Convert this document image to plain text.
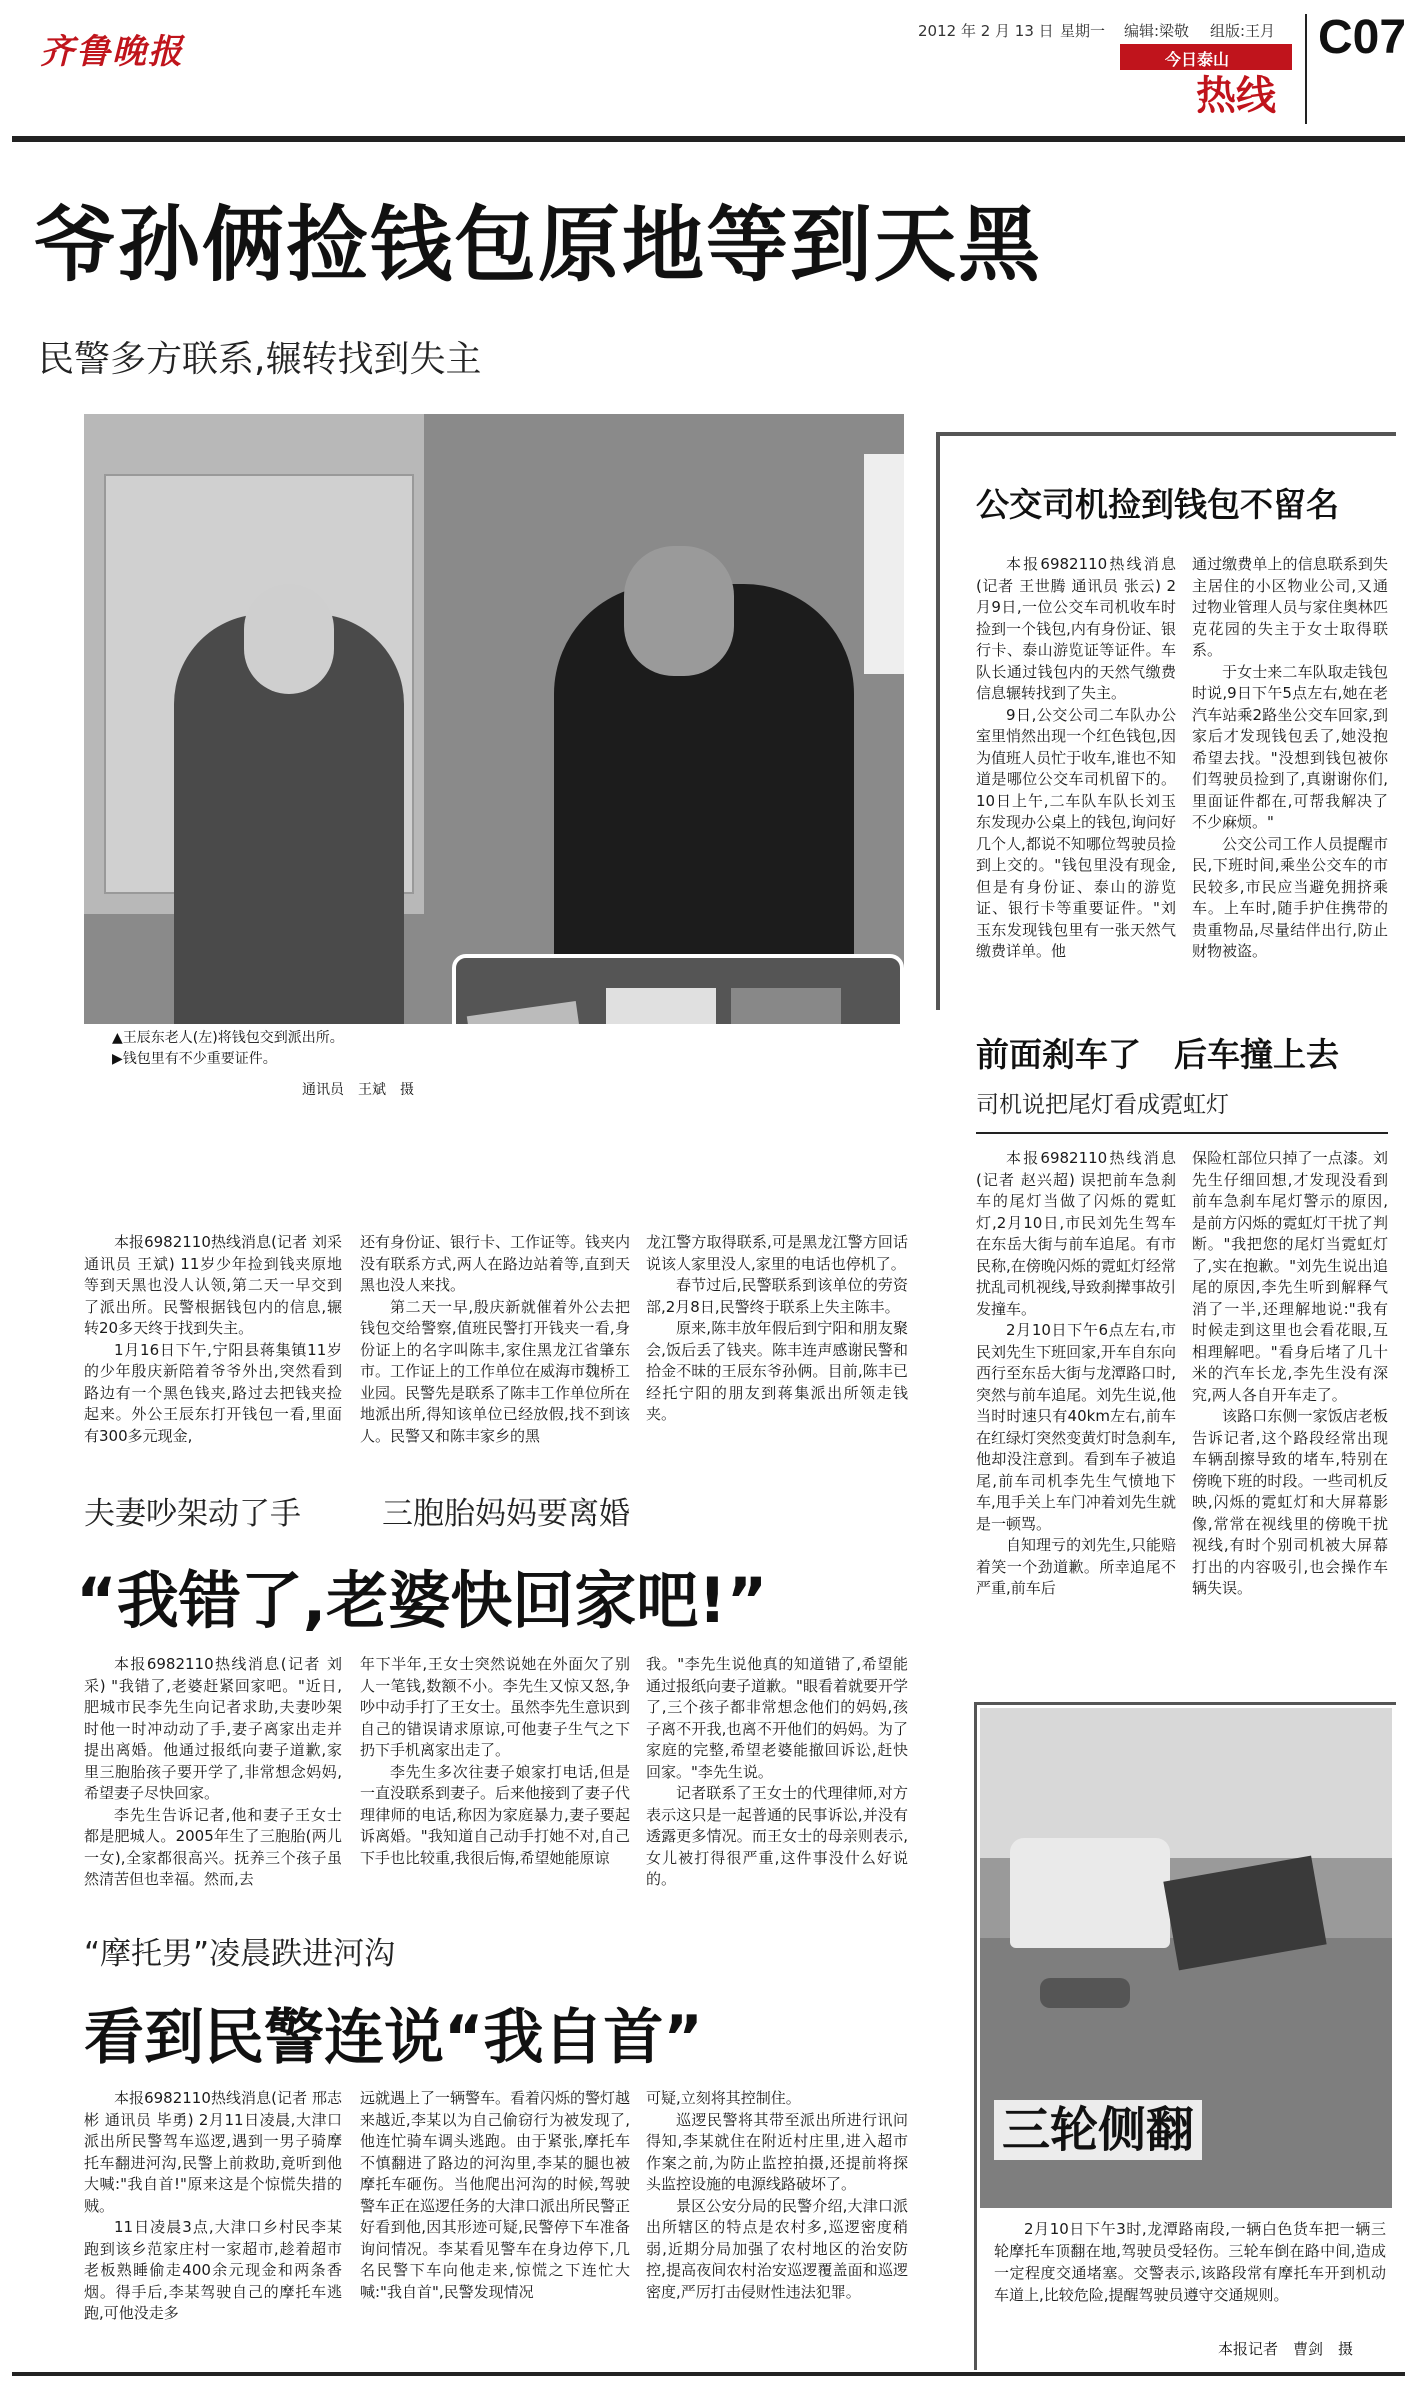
齐鲁晚报
2012 年 2 月 13 日 星期一 编辑:梁敬 组版:王月
今日泰山
热线
C07
爷孙俩捡钱包原地等到天黑
民警多方联系,辗转找到失主
▲王辰东老人(左)将钱包交到派出所。
▶钱包里有不少重要证件。
通讯员　王斌　摄

本报6982110热线消息(记者 刘采 通讯员 王斌) 11岁少年捡到钱夹原地等到天黑也没人认领,第二天一早交到了派出所。民警根据钱包内的信息,辗转20多天终于找到失主。

1月16日下午,宁阳县蒋集镇11岁的少年殷庆新陪着爷爷外出,突然看到路边有一个黑色钱夹,路过去把钱夹捡起来。外公王辰东打开钱包一看,里面有300多元现金,

还有身份证、银行卡、工作证等。钱夹内没有联系方式,两人在路边站着等,直到天黑也没人来找。

第二天一早,殷庆新就催着外公去把钱包交给警察,值班民警打开钱夹一看,身份证上的名字叫陈丰,家住黑龙江省肇东市。工作证上的工作单位在威海市魏桥工业园。民警先是联系了陈丰工作单位所在地派出所,得知该单位已经放假,找不到该人。民警又和陈丰家乡的黑

龙江警方取得联系,可是黑龙江警方回话说该人家里没人,家里的电话也停机了。

春节过后,民警联系到该单位的劳资部,2月8日,民警终于联系上失主陈丰。

原来,陈丰放年假后到宁阳和朋友聚会,饭后丢了钱夹。陈丰连声感谢民警和拾金不昧的王辰东爷孙俩。目前,陈丰已经托宁阳的朋友到蒋集派出所领走钱夹。

公交司机捡到钱包不留名

本报6982110热线消息(记者 王世腾 通讯员 张云) 2月9日,一位公交车司机收车时捡到一个钱包,内有身份证、银行卡、泰山游览证等证件。车队长通过钱包内的天然气缴费信息辗转找到了失主。

9日,公交公司二车队办公室里悄然出现一个红色钱包,因为值班人员忙于收车,谁也不知道是哪位公交车司机留下的。10日上午,二车队车队长刘玉东发现办公桌上的钱包,询问好几个人,都说不知哪位驾驶员捡到上交的。"钱包里没有现金,但是有身份证、泰山的游览证、银行卡等重要证件。"刘玉东发现钱包里有一张天然气缴费详单。他

通过缴费单上的信息联系到失主居住的小区物业公司,又通过物业管理人员与家住奥林匹克花园的失主于女士取得联系。

于女士来二车队取走钱包时说,9日下午5点左右,她在老汽车站乘2路坐公交车回家,到家后才发现钱包丢了,她没抱希望去找。"没想到钱包被你们驾驶员捡到了,真谢谢你们,里面证件都在,可帮我解决了不少麻烦。"

公交公司工作人员提醒市民,下班时间,乘坐公交车的市民较多,市民应当避免拥挤乘车。上车时,随手护住携带的贵重物品,尽量结伴出行,防止财物被盗。

前面刹车了　后车撞上去
司机说把尾灯看成霓虹灯

本报6982110热线消息(记者 赵兴超) 误把前车急刹车的尾灯当做了闪烁的霓虹灯,2月10日,市民刘先生驾车在东岳大街与前车追尾。有市民称,在傍晚闪烁的霓虹灯经常扰乱司机视线,导致刹撵事故引发撞车。

2月10日下午6点左右,市民刘先生下班回家,开车自东向西行至东岳大街与龙潭路口时,突然与前车追尾。刘先生说,他当时时速只有40km左右,前车在红绿灯突然变黄灯时急刹车,他却没注意到。看到车子被追尾,前车司机李先生气愤地下车,甩手关上车门冲着刘先生就是一顿骂。

自知理亏的刘先生,只能赔着笑一个劲道歉。所幸追尾不严重,前车后

保险杠部位只掉了一点漆。刘先生仔细回想,才发现没看到前车急刹车尾灯警示的原因,是前方闪烁的霓虹灯干扰了判断。"我把您的尾灯当霓虹灯了,实在抱歉。"刘先生说出追尾的原因,李先生听到解释气消了一半,还理解地说:"我有时候走到这里也会看花眼,互相理解吧。"看身后堵了几十米的汽车长龙,李先生没有深究,两人各自开车走了。

该路口东侧一家饭店老板告诉记者,这个路段经常出现车辆刮擦导致的堵车,特别在傍晚下班的时段。一些司机反映,闪烁的霓虹灯和大屏幕影像,常常在视线里的傍晚干扰视线,有时个别司机被大屏幕打出的内容吸引,也会操作车辆失误。

夫妻吵架动了手	三胞胎妈妈要离婚
“我错了,老婆快回家吧!”

本报6982110热线消息(记者 刘采) "我错了,老婆赶紧回家吧。"近日,肥城市民李先生向记者求助,夫妻吵架时他一时冲动动了手,妻子离家出走并提出离婚。他通过报纸向妻子道歉,家里三胞胎孩子要开学了,非常想念妈妈,希望妻子尽快回家。

李先生告诉记者,他和妻子王女士都是肥城人。2005年生了三胞胎(两儿一女),全家都很高兴。抚养三个孩子虽然清苦但也幸福。然而,去

年下半年,王女士突然说她在外面欠了别人一笔钱,数额不小。李先生又惊又怒,争吵中动手打了王女士。虽然李先生意识到自己的错误请求原谅,可他妻子生气之下扔下手机离家出走了。

李先生多次往妻子娘家打电话,但是一直没联系到妻子。后来他接到了妻子代理律师的电话,称因为家庭暴力,妻子要起诉离婚。"我知道自己动手打她不对,自己下手也比较重,我很后悔,希望她能原谅

我。"李先生说他真的知道错了,希望能通过报纸向妻子道歉。"眼看着就要开学了,三个孩子都非常想念他们的妈妈,孩子离不开我,也离不开他们的妈妈。为了家庭的完整,希望老婆能撤回诉讼,赶快回家。"李先生说。

记者联系了王女士的代理律师,对方表示这只是一起普通的民事诉讼,并没有透露更多情况。而王女士的母亲则表示,女儿被打得很严重,这件事没什么好说的。

“摩托男”凌晨跌进河沟
看到民警连说“我自首”

本报6982110热线消息(记者 邢志彬 通讯员 毕勇) 2月11日凌晨,大津口派出所民警驾车巡逻,遇到一男子骑摩托车翻进河沟,民警上前救助,竟听到他大喊:"我自首!"原来这是个惊慌失措的贼。

11日凌晨3点,大津口乡村民李某跑到该乡范家庄村一家超市,趁着超市老板熟睡偷走400余元现金和两条香烟。得手后,李某驾驶自己的摩托车逃跑,可他没走多

远就遇上了一辆警车。看着闪烁的警灯越来越近,李某以为自己偷窃行为被发现了,他连忙骑车调头逃跑。由于紧张,摩托车不慎翻进了路边的河沟里,李某的腿也被摩托车砸伤。当他爬出河沟的时候,驾驶警车正在巡逻任务的大津口派出所民警正好看到他,因其形迹可疑,民警停下车准备询问情况。李某看见警车在身边停下,几名民警下车向他走来,惊慌之下连忙大喊:"我自首",民警发现情况

可疑,立刻将其控制住。

巡逻民警将其带至派出所进行讯问得知,李某就住在附近村庄里,进入超市作案之前,为防止监控拍摄,还提前将探头监控设施的电源线路破坏了。

景区公安分局的民警介绍,大津口派出所辖区的特点是农村多,巡逻密度稍弱,近期分局加强了农村地区的治安防控,提高夜间农村治安巡逻覆盖面和巡逻密度,严厉打击侵财性违法犯罪。

三轮侧翻

2月10日下午3时,龙潭路南段,一辆白色货车把一辆三轮摩托车顶翻在地,驾驶员受轻伤。三轮车倒在路中间,造成一定程度交通堵塞。交警表示,该路段常有摩托车开到机动车道上,比较危险,提醒驾驶员遵守交通规则。

本报记者　曹剑　摄
